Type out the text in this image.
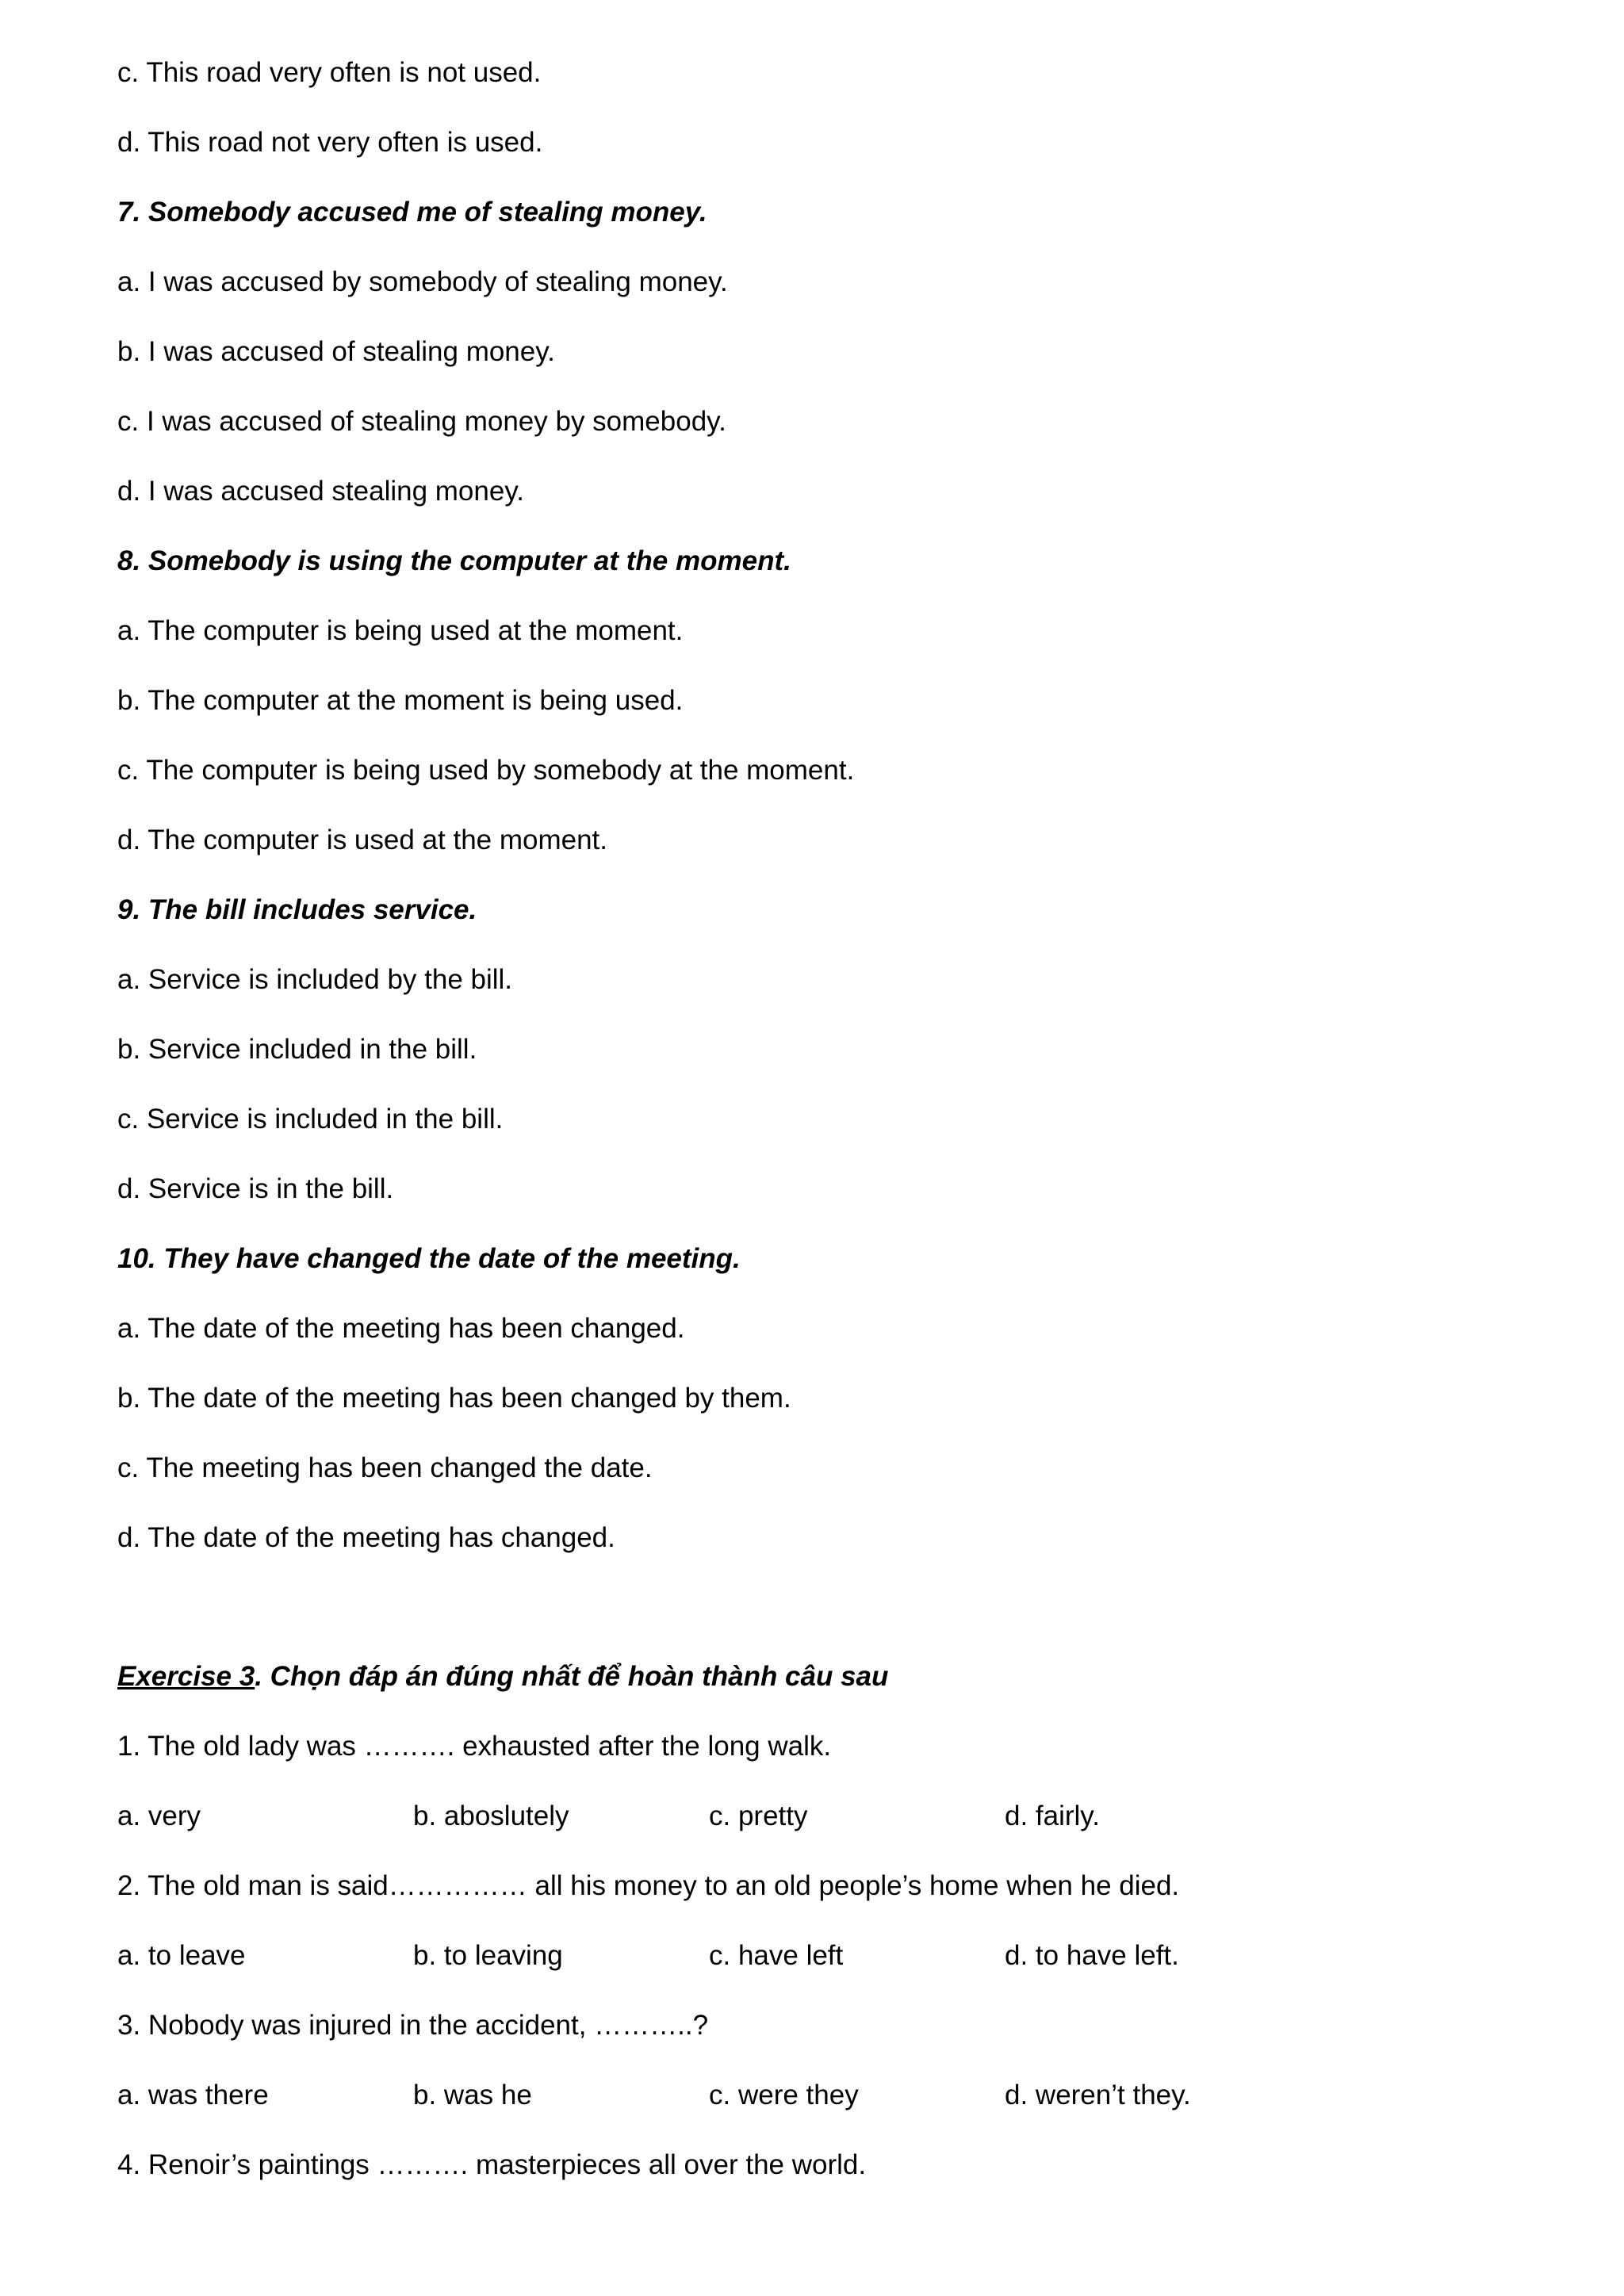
c. This road very often is not used.
d. This road not very often is used.
7. Somebody accused me of stealing money.
a. I was accused by somebody of stealing money.
b. I was accused of stealing money.
c. I was accused of stealing money by somebody.
d. I was accused stealing money.
8. Somebody is using the computer at the moment.
a. The computer is being used at the moment.
b. The computer at the moment is being used.
c. The computer is being used by somebody at the moment.
d. The computer is used at the moment.
9. The bill includes service.
a. Service is included by the bill.
b. Service included in the bill.
c. Service is included in the bill.
d. Service is in the bill.
10. They have changed the date of the meeting.
a. The date of the meeting has been changed.
b. The date of the meeting has been changed by them.
c. The meeting has been changed the date.
d. The date of the meeting has changed.
Exercise 3. Chọn đáp án đúng nhất để hoàn thành câu sau
1. The old lady was ………. exhausted after the long walk.
a. very	b. aboslutely	c. pretty	d. fairly.
2. The old man is said…………… all his money to an old people’s home when he died.
a. to leave	b. to leaving	c. have left	d. to have left.
3. Nobody was injured in the accident, ………..?
a. was there	b. was he	c. were they	d. weren’t they.
4. Renoir’s paintings ………. masterpieces all over the world.
